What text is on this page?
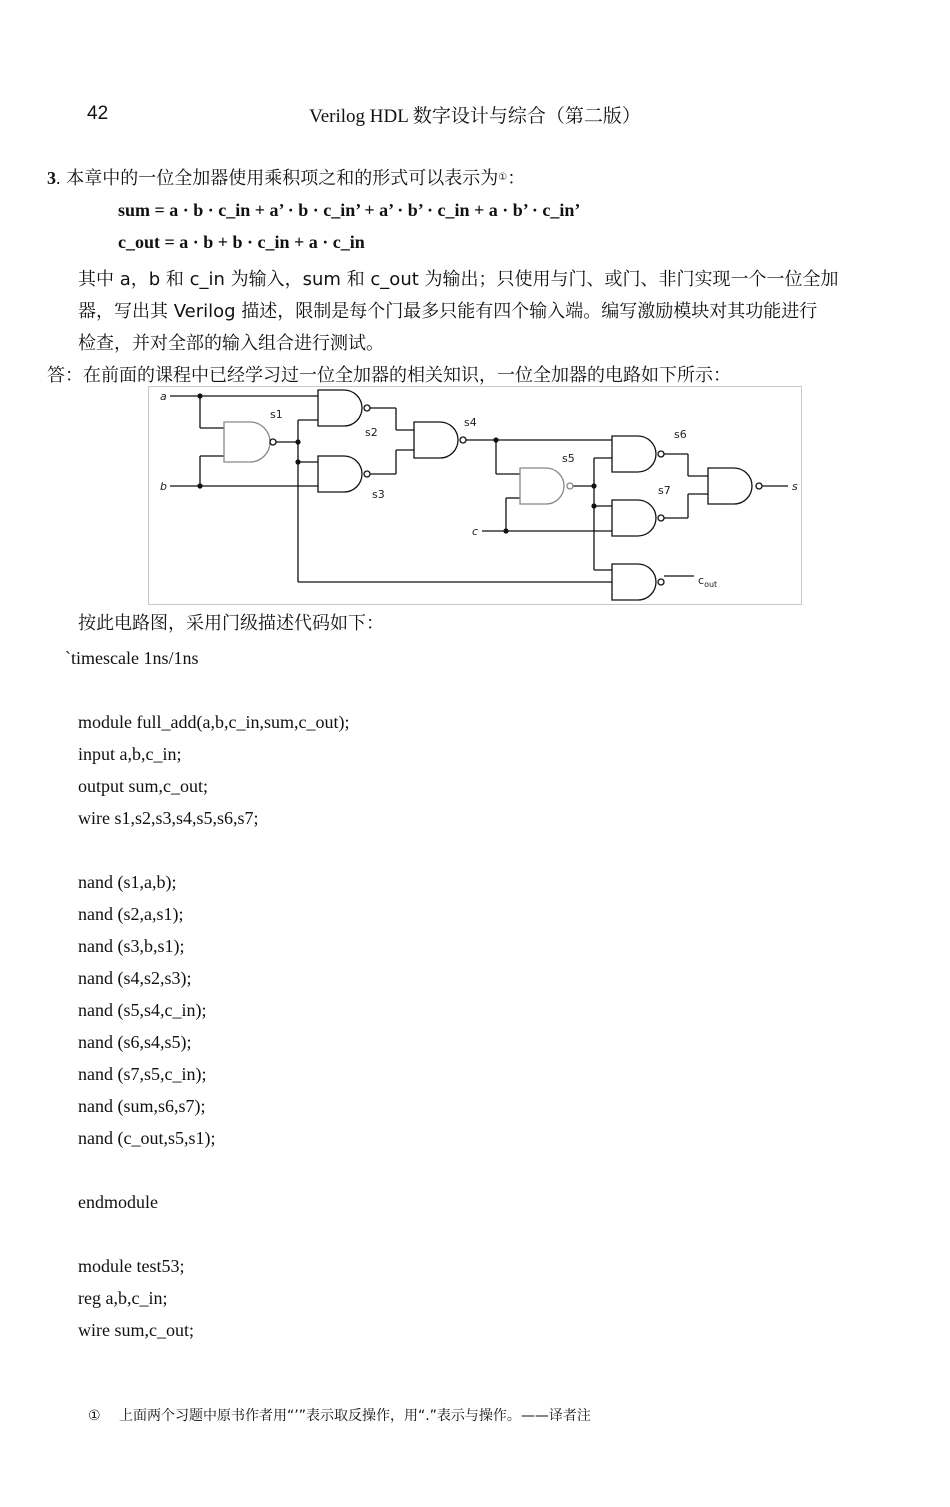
42	Verilog HDL 数字设计与综合（第二版）
3. 本章中的一位全加器使用乘积项之和的形式可以表示为①：
sum = a · b · c_in + a’ · b · c_in’ + a’ · b’ · c_in + a · b’ · c_in’
c_out = a · b + b · c_in + a · c_in
其中 a，b 和 c_in 为输入，sum 和 c_out 为输出；只使用与门、或门、非门实现一个一位全加
器，写出其 Verilog 描述，限制是每个门最多只能有四个输入端。编写激励模块对其功能进行
检查，并对全部的输入组合进行测试。
答：在前面的课程中已经学习过一位全加器的相关知识，一位全加器的电路如下所示：
a
b
c
s1
s2
s3
s4
s5
s6
s7	s
$c_{out}$
按此电路图，采用门级描述代码如下：
`timescale 1ns/1ns
module full_add(a,b,c_in,sum,c_out);
input a,b,c_in;
output sum,c_out;
wire s1,s2,s3,s4,s5,s6,s7;
nand (s1,a,b);
nand (s2,a,s1);
nand (s3,b,s1);
nand (s4,s2,s3);
nand (s5,s4,c_in);
nand (s6,s4,s5);
nand (s7,s5,c_in);
nand (sum,s6,s7);
nand (c_out,s5,s1);
endmodule
module test53;
reg a,b,c_in;
wire sum,c_out;
① 上面两个习题中原书作者用“’”表示取反操作，用“.”表示与操作。——译者注
